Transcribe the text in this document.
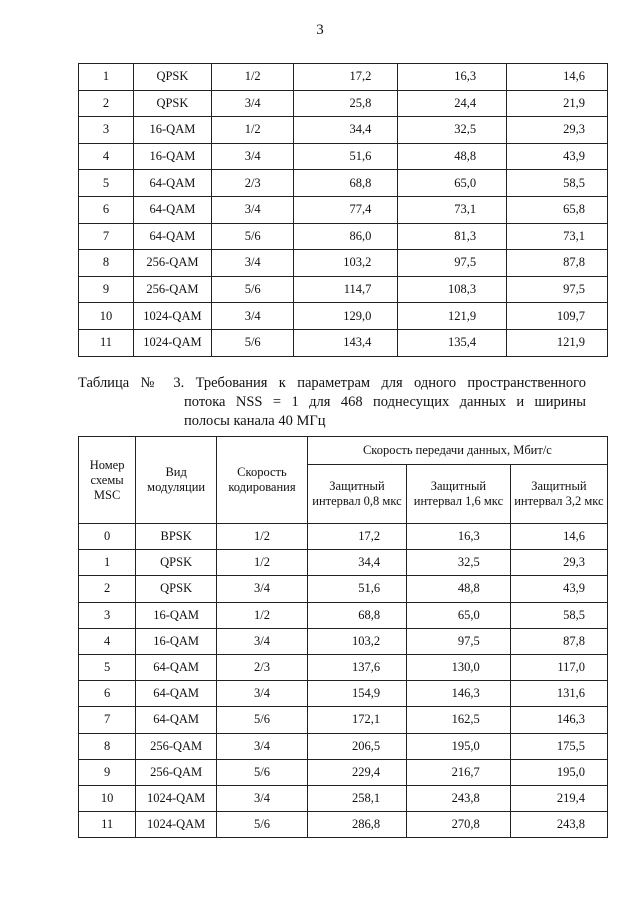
3
1	QPSK	1/2	17,2	16,3	14,6
2	QPSK	3/4	25,8	24,4	21,9
3	16-QAM	1/2	34,4	32,5	29,3
4	16-QAM	3/4	51,6	48,8	43,9
5	64-QAM	2/3	68,8	65,0	58,5
6	64-QAM	3/4	77,4	73,1	65,8
7	64-QAM	5/6	86,0	81,3	73,1
8	256-QAM	3/4	103,2	97,5	87,8
9	256-QAM	5/6	114,7	108,3	97,5
10	1024-QAM	3/4	129,0	121,9	109,7
11	1024-QAM	5/6	143,4	135,4	121,9
Таблица № 3. Требования к параметрам для одного пространственного
потока NSS = 1 для 468 поднесущих данных и ширины
полосы канала 40 МГц
Номер схемы MSC	Вид модуляции	Скорость кодирования	Скорость передачи данных, Мбит/с		
			Защитный интервал 0,8 мкс	Защитный интервал 1,6 мкс	Защитный интервал 3,2 мкс
0	BPSK	1/2	17,2	16,3	14,6
1	QPSK	1/2	34,4	32,5	29,3
2	QPSK	3/4	51,6	48,8	43,9
3	16-QAM	1/2	68,8	65,0	58,5
4	16-QAM	3/4	103,2	97,5	87,8
5	64-QAM	2/3	137,6	130,0	117,0
6	64-QAM	3/4	154,9	146,3	131,6
7	64-QAM	5/6	172,1	162,5	146,3
8	256-QAM	3/4	206,5	195,0	175,5
9	256-QAM	5/6	229,4	216,7	195,0
10	1024-QAM	3/4	258,1	243,8	219,4
11	1024-QAM	5/6	286,8	270,8	243,8
